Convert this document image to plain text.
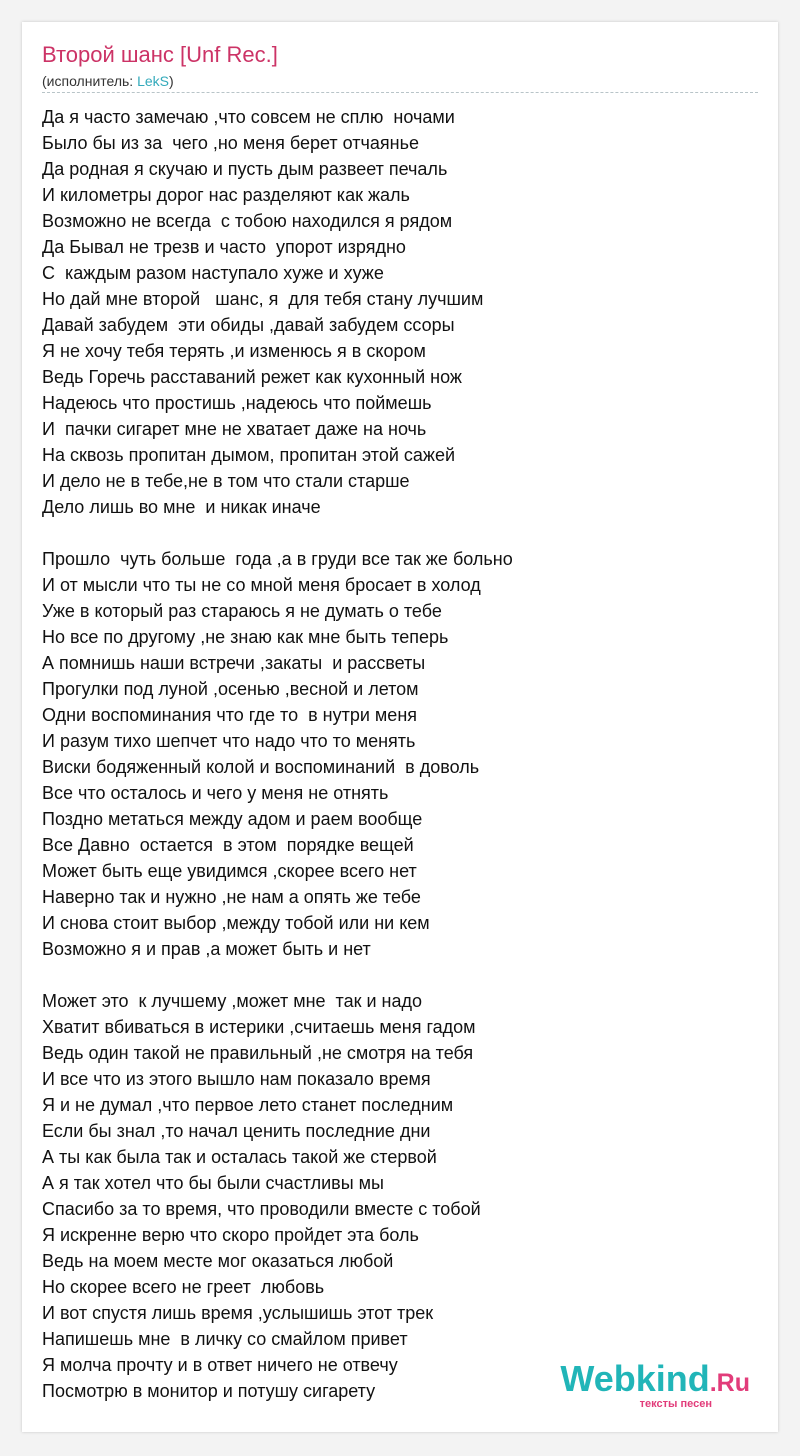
Второй шанс [Unf Rec.]
(исполнитель: LekS)
Да я часто замечаю ,что совсем не сплю  ночами
Было бы из за  чего ,но меня берет отчаянье
Да родная я скучаю и пусть дым развеет печаль
И километры дорог нас разделяют как жаль
Возможно не всегда  с тобою находился я рядом
Да Бывал не трезв и часто  упорот изрядно
С  каждым разом наступало хуже и хуже
Но дай мне второй   шанс, я  для тебя стану лучшим
Давай забудем  эти обиды ,давай забудем ссоры
Я не хочу тебя терять ,и изменюсь я в скором
Ведь Горечь расставаний режет как кухонный нож
Надеюсь что простишь ,надеюсь что поймешь
И  пачки сигарет мне не хватает даже на ночь
На сквозь пропитан дымом, пропитан этой сажей
И дело не в тебе,не в том что стали старше
Дело лишь во мне  и никак иначе
Прошло  чуть больше  года ,а в груди все так же больно
И от мысли что ты не со мной меня бросает в холод
Уже в который раз стараюсь я не думать о тебе
Но все по другому ,не знаю как мне быть теперь
А помнишь наши встречи ,закаты  и рассветы
Прогулки под луной ,осенью ,весной и летом
Одни воспоминания что где то  в нутри меня
И разум тихо шепчет что надо что то менять
Виски бодяженный колой и воспоминаний  в доволь
Все что осталось и чего у меня не отнять
Поздно метаться между адом и раем вообще
Все Давно  остается  в этом  порядке вещей
Может быть еще увидимся ,скорее всего нет
Наверно так и нужно ,не нам а опять же тебе
И снова стоит выбор ,между тобой или ни кем
Возможно я и прав ,а может быть и нет
Может это  к лучшему ,может мне  так и надо
Хватит вбиваться в истерики ,считаешь меня гадом
Ведь один такой не правильный ,не смотря на тебя
И все что из этого вышло нам показало время
Я и не думал ,что первое лето станет последним
Если бы знал ,то начал ценить последние дни
А ты как была так и осталась такой же стервой
А я так хотел что бы были счастливы мы
Спасибо за то время, что проводили вместе с тобой
Я искренне верю что скоро пройдет эта боль
Ведь на моем месте мог оказаться любой
Но скорее всего не греет  любовь
И вот спустя лишь время ,услышишь этот трек
Напишешь мне  в личку со смайлом привет
Я молча прочту и в ответ ничего не отвечу
Посмотрю в монитор и потушу сигарету	Webkind.Ru
тексты песен
